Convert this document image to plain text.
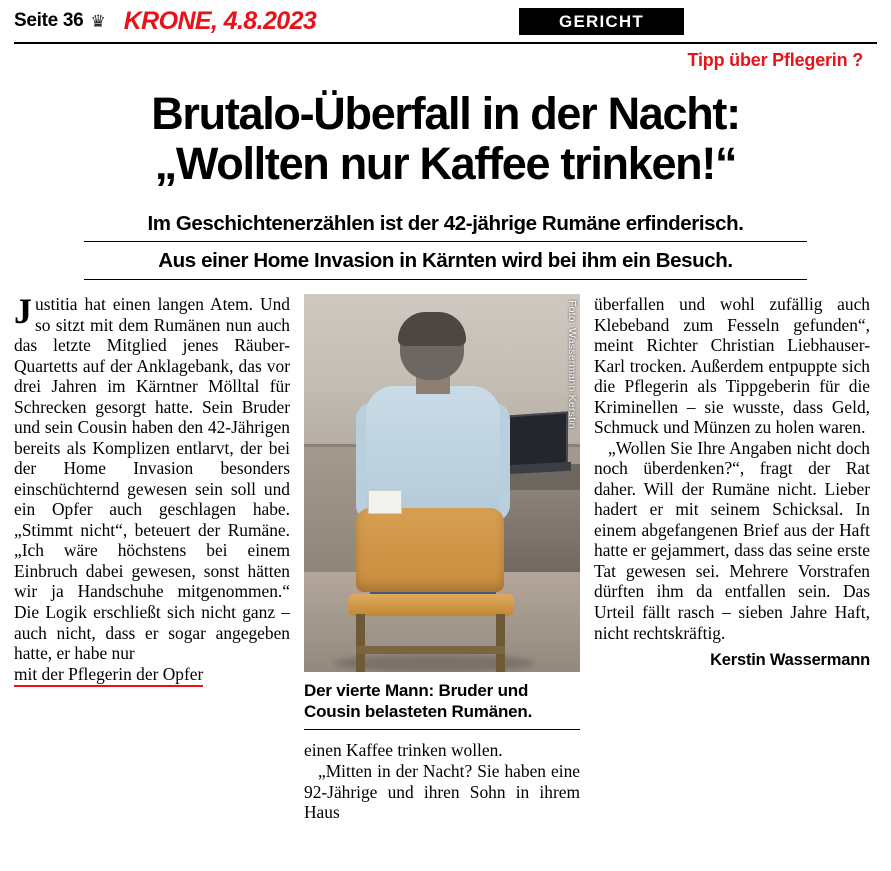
Seite 36 ♛ KRONE, 4.8.2023	GERICHT
Tipp über Pflegerin ?
Brutalo-Überfall in der Nacht:
„Wollten nur Kaffee trinken!“
Im Geschichtenerzählen ist der 42-jährige Rumäne erfinderisch.
Aus einer Home Invasion in Kärnten wird bei ihm ein Besuch.

Justitia hat einen langen Atem. Und so sitzt mit dem Rumänen nun auch das letzte Mitglied jenes Räuber-Quartetts auf der Anklagebank, das vor drei Jahren im Kärntner Mölltal für Schrecken gesorgt hatte. Sein Bruder und sein Cousin haben den 42-Jährigen bereits als Komplizen entlarvt, der bei der Home Invasion besonders einschüchternd gewesen sein soll und ein Opfer auch geschlagen habe. „Stimmt nicht“, beteuert der Rumäne. „Ich wäre höchstens bei einem Einbruch dabei gewesen, sonst hätten wir ja Handschuhe mitgenommen.“ Die Logik erschließt sich nicht ganz – auch nicht, dass er sogar angegeben hatte, er habe nur

mit der Pflegerin der Opfer
Foto: Wassermann Kerstin
Der vierte Mann: Bruder und Cousin belasteten Rumänen.

einen Kaffee trinken wollen.

„Mitten in der Nacht? Sie haben eine 92-Jährige und ihren Sohn in ihrem Haus

überfallen und wohl zufällig auch Klebeband zum Fesseln gefunden“, meint Richter Christian Liebhauser-Karl trocken. Außerdem entpuppte sich die Pflegerin als Tippgeberin für die Kriminellen – sie wusste, dass Geld, Schmuck und Münzen zu holen waren.

„Wollen Sie Ihre Angaben nicht doch noch überdenken?“, fragt der Rat daher. Will der Rumäne nicht. Lieber hadert er mit seinem Schicksal. In einem abgefangenen Brief aus der Haft hatte er gejammert, dass das seine erste Tat gewesen sei. Mehrere Vorstrafen dürften ihm da entfallen sein. Das Urteil fällt rasch – sieben Jahre Haft, nicht rechtskräftig.

Kerstin Wassermann
